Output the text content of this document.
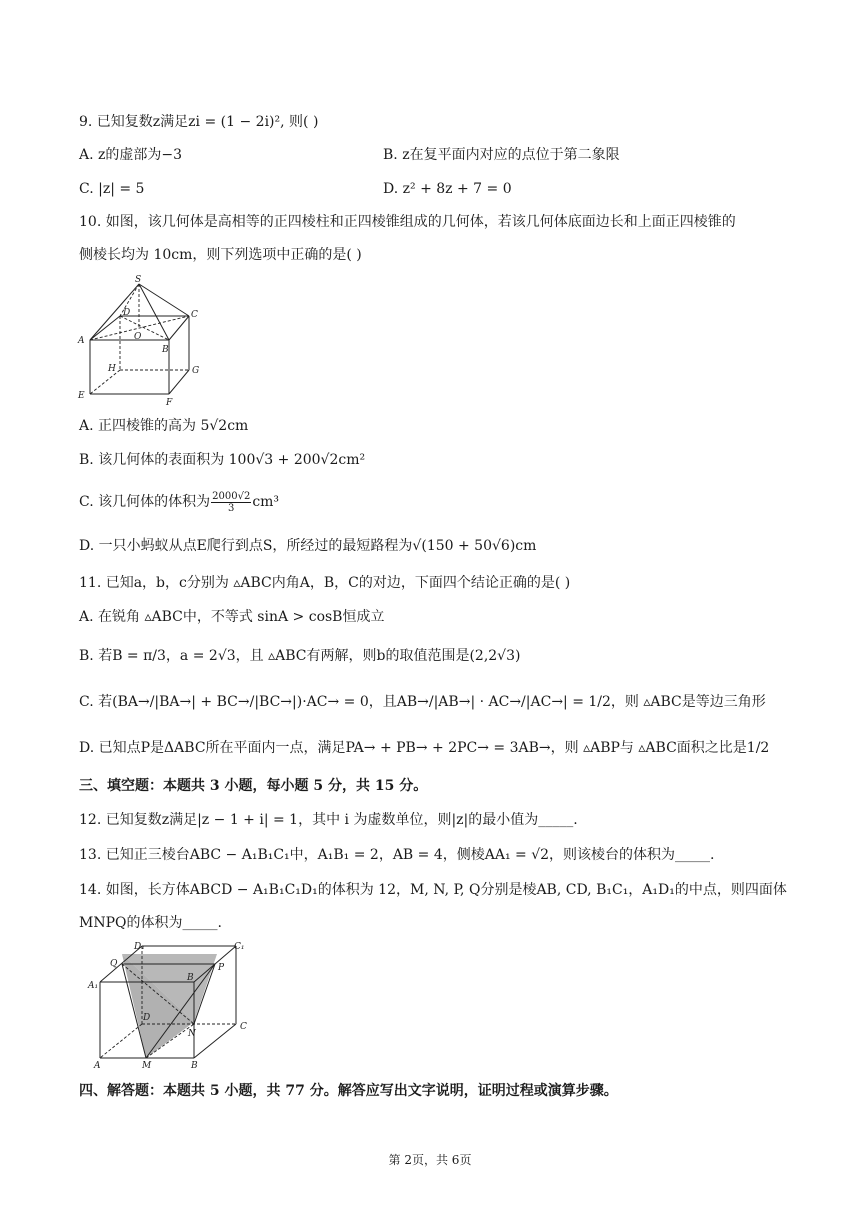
9. 已知复数z满足zi = (1 − 2i)², 则( )
A. z的虚部为−3	B. z在复平面内对应的点位于第二象限
C. |z| = 5	D. z² + 8z + 7 = 0
10. 如图，该几何体是高相等的正四棱柱和正四棱锥组成的几何体，若该几何体底面边长和上面正四棱锥的
侧棱长均为 10cm，则下列选项中正确的是( )
S
D	C
A	O
B
H	G
E
F
A. 正四棱锥的高为 5√2cm
B. 该几何体的表面积为 100√3 + 200√2cm²
C. 该几何体的体积为 $\frac{2000√2}{3} cm^3$
D. 一只小蚂蚁从点E爬行到点S，所经过的最短路程为√(150 + 50√6)cm
11. 已知a，b，c分别为 ▵ABC内角A，B，C的对边，下面四个结论正确的是( )
A. 在锐角 ▵ABC中，不等式 sinA > cosB恒成立
B. 若B = π/3，a = 2√3，且 ▵ABC有两解，则b的取值范围是(2,2√3)
C. 若(BA→/|BA→| + BC→/|BC→|)·AC→ = 0，且AB→/|AB→| · AC→/|AC→| = 1/2，则 ▵ABC是等边三角形
D. 已知点P是ΔABC所在平面内一点，满足PA→ + PB→ + 2PC→ = 3AB→，则 ▵ABP与 ▵ABC面积之比是1/2
三、填空题：本题共 3 小题，每小题 5 分，共 15 分。
12. 已知复数z满足|z − 1 + i| = 1，其中 i 为虚数单位，则|z|的最小值为_____.
13. 已知正三棱台ABC − A₁B₁C₁中，A₁B₁ = 2，AB = 4，侧棱AA₁ = √2，则该棱台的体积为_____.
14. 如图，长方体ABCD − A₁B₁C₁D₁的体积为 12，M, N, P, Q分别是棱AB, CD, B₁C₁，A₁D₁的中点，则四面体
MNPQ的体积为_____.
D₁	C₁
Q
B
P
A₁
D
N
C
A	M	B
四、解答题：本题共 5 小题，共 77 分。解答应写出文字说明，证明过程或演算步骤。
第 2页，共 6页
